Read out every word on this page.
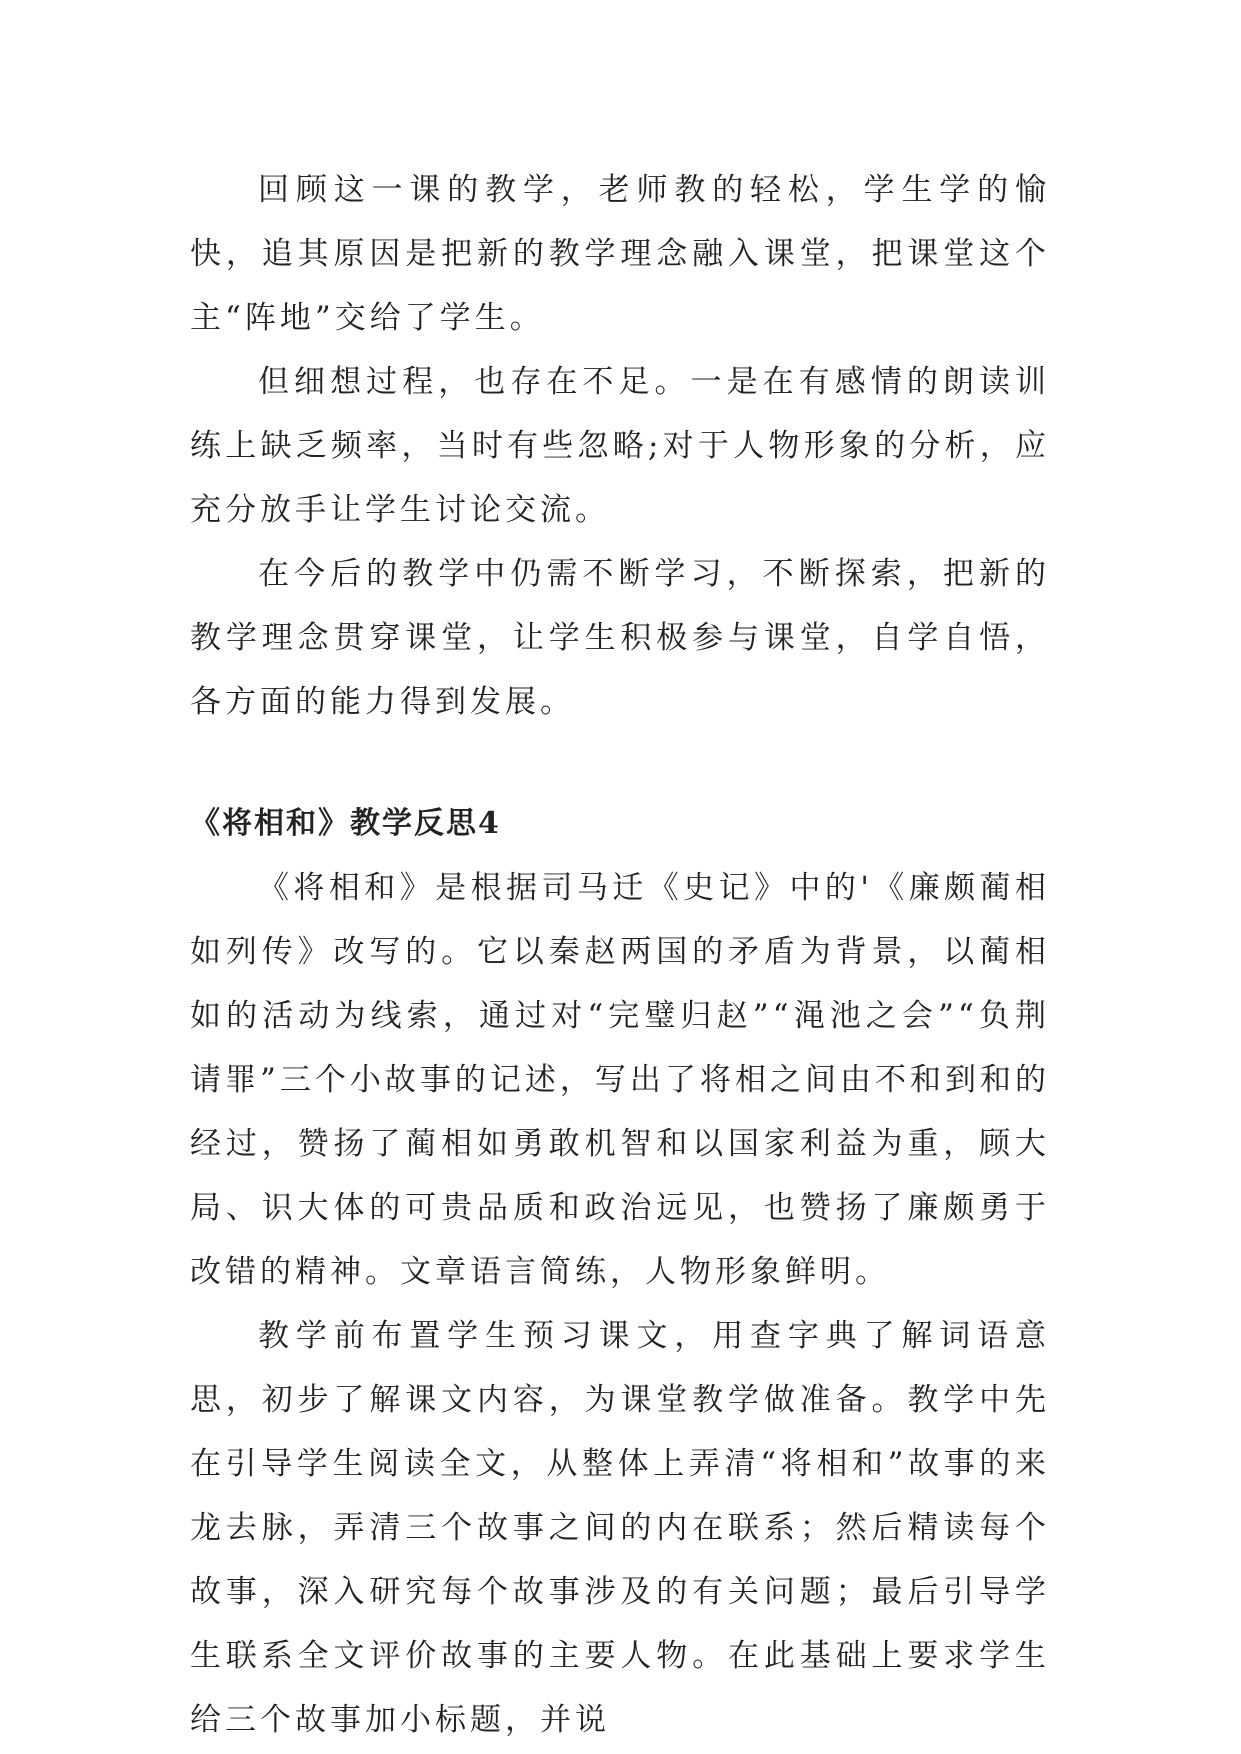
回顾这一课的教学，老师教的轻松，学生学的愉快，追其原因是把新的教学理念融入课堂，把课堂这个主“阵地”交给了学生。

但细想过程，也存在不足。一是在有感情的朗读训练上缺乏频率，当时有些忽略;对于人物形象的分析，应充分放手让学生讨论交流。

在今后的教学中仍需不断学习，不断探索，把新的教学理念贯穿课堂，让学生积极参与课堂，自学自悟，各方面的能力得到发展。

《将相和》教学反思4

《将相和》是根据司马迁《史记》中的'《廉颇蔺相如列传》改写的。它以秦赵两国的矛盾为背景，以蔺相如的活动为线索，通过对“完璧归赵”“渑池之会”“负荆请罪”三个小故事的记述，写出了将相之间由不和到和的经过，赞扬了蔺相如勇敢机智和以国家利益为重，顾大局、识大体的可贵品质和政治远见，也赞扬了廉颇勇于改错的精神。文章语言简练，人物形象鲜明。

教学前布置学生预习课文，用查字典了解词语意思，初步了解课文内容，为课堂教学做准备。教学中先在引导学生阅读全文，从整体上弄清“将相和”故事的来龙去脉，弄清三个故事之间的内在联系；然后精读每个故事，深入研究每个故事涉及的有关问题；最后引导学生联系全文评价故事的主要人物。在此基础上要求学生给三个故事加小标题，并说
